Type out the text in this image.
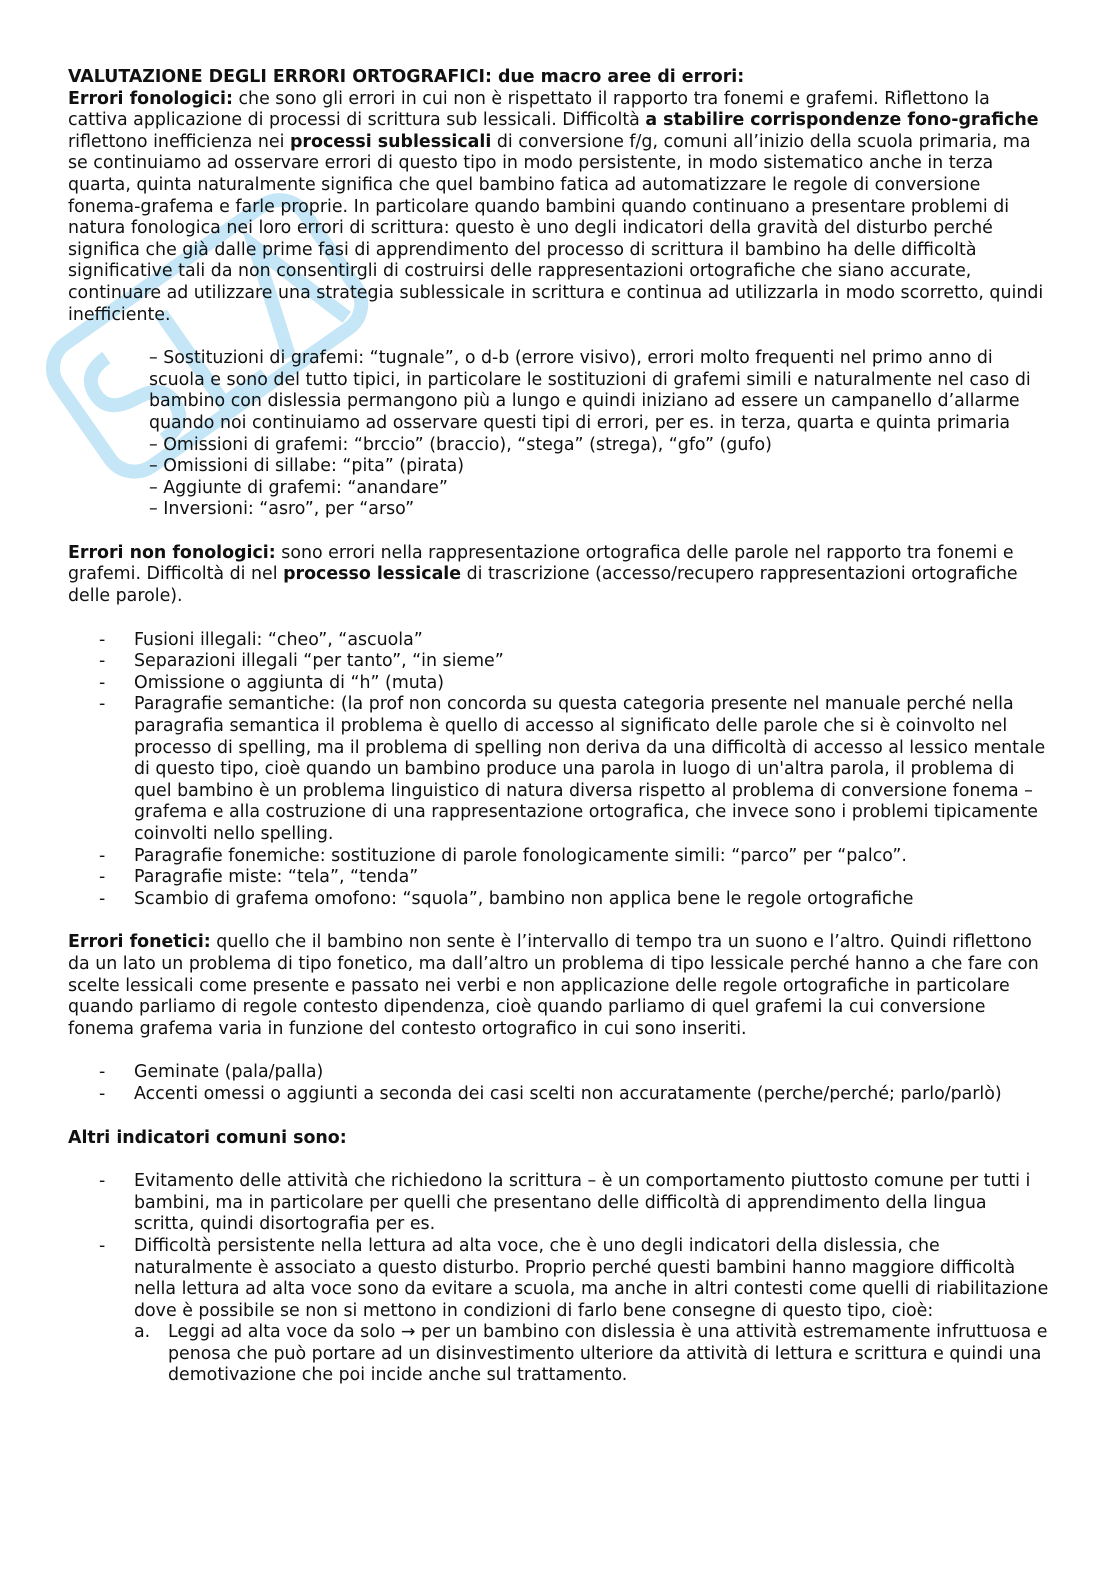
VALUTAZIONE DEGLI ERRORI ORTOGRAFICI: due macro aree di errori:

Errori fonologici: che sono gli errori in cui non è rispettato il rapporto tra fonemi e grafemi. Riflettono la cattiva applicazione di processi di scrittura sub lessicali. Difficoltà a stabilire corrispondenze fono-grafiche riflettono inefficienza nei processi sublessicali di conversione f/g, comuni all’inizio della scuola primaria, ma se continuiamo ad osservare errori di questo tipo in modo persistente, in modo sistematico anche in terza quarta, quinta naturalmente significa che quel bambino fatica ad automatizzare le regole di conversione fonema-grafema e farle proprie. In particolare quando bambini quando continuano a presentare problemi di natura fonologica nei loro errori di scrittura: questo è uno degli indicatori della gravità del disturbo perché significa che già dalle prime fasi di apprendimento del processo di scrittura il bambino ha delle difficoltà significative tali da non consentirgli di costruirsi delle rappresentazioni ortografiche che siano accurate, continuare ad utilizzare una strategia sublessicale in scrittura e continua ad utilizzarla in modo scorretto, quindi inefficiente.

– Sostituzioni di grafemi: “tugnale”, o d-b (errore visivo), errori molto frequenti nel primo anno di scuola e sono del tutto tipici, in particolare le sostituzioni di grafemi simili e naturalmente nel caso di bambino con dislessia permangono più a lungo e quindi iniziano ad essere un campanello d’allarme quando noi continuiamo ad osservare questi tipi di errori, per es. in terza, quarta e quinta primaria
– Omissioni di grafemi: “brccio” (braccio), “stega” (strega), “gfo” (gufo)
– Omissioni di sillabe: “pita” (pirata)
– Aggiunte di grafemi: “anandare”
– Inversioni: “asro”, per “arso”

Errori non fonologici: sono errori nella rappresentazione ortografica delle parole nel rapporto tra fonemi e grafemi. Difficoltà di nel processo lessicale di trascrizione (accesso/recupero rappresentazioni ortografiche delle parole).

- Fusioni illegali: “cheo”, “ascuola”
- Separazioni illegali “per tanto”, “in sieme”
- Omissione o aggiunta di “h” (muta)
- Paragrafie semantiche: (la prof non concorda su questa categoria presente nel manuale perché nella paragrafia semantica il problema è quello di accesso al significato delle parole che si è coinvolto nel processo di spelling, ma il problema di spelling non deriva da una difficoltà di accesso al lessico mentale di questo tipo, cioè quando un bambino produce una parola in luogo di un'altra parola, il problema di quel bambino è un problema linguistico di natura diversa rispetto al problema di conversione fonema – grafema e alla costruzione di una rappresentazione ortografica, che invece sono i problemi tipicamente coinvolti nello spelling.
- Paragrafie fonemiche: sostituzione di parole fonologicamente simili: “parco” per “palco”.
- Paragrafie miste: “tela”, “tenda”
- Scambio di grafema omofono: “squola”, bambino non applica bene le regole ortografiche

Errori fonetici: quello che il bambino non sente è l’intervallo di tempo tra un suono e l’altro. Quindi riflettono da un lato un problema di tipo fonetico, ma dall’altro un problema di tipo lessicale perché hanno a che fare con scelte lessicali come presente e passato nei verbi e non applicazione delle regole ortografiche in particolare quando parliamo di regole contesto dipendenza, cioè quando parliamo di quel grafemi la cui conversione fonema grafema varia in funzione del contesto ortografico in cui sono inseriti.

- Geminate (pala/palla)
- Accenti omessi o aggiunti a seconda dei casi scelti non accuratamente (perche/perché; parlo/parlò)

Altri indicatori comuni sono:

- Evitamento delle attività che richiedono la scrittura – è un comportamento piuttosto comune per tutti i bambini, ma in particolare per quelli che presentano delle difficoltà di apprendimento della lingua scritta, quindi disortografia per es.
- Difficoltà persistente nella lettura ad alta voce, che è uno degli indicatori della dislessia, che naturalmente è associato a questo disturbo. Proprio perché questi bambini hanno maggiore difficoltà nella lettura ad alta voce sono da evitare a scuola, ma anche in altri contesti come quelli di riabilitazione dove è possibile se non si mettono in condizioni di farlo bene consegne di questo tipo, cioè:
a. Leggi ad alta voce da solo → per un bambino con dislessia è una attività estremamente infruttuosa e penosa che può portare ad un disinvestimento ulteriore da attività di lettura e scrittura e quindi una demotivazione che poi incide anche sul trattamento.
